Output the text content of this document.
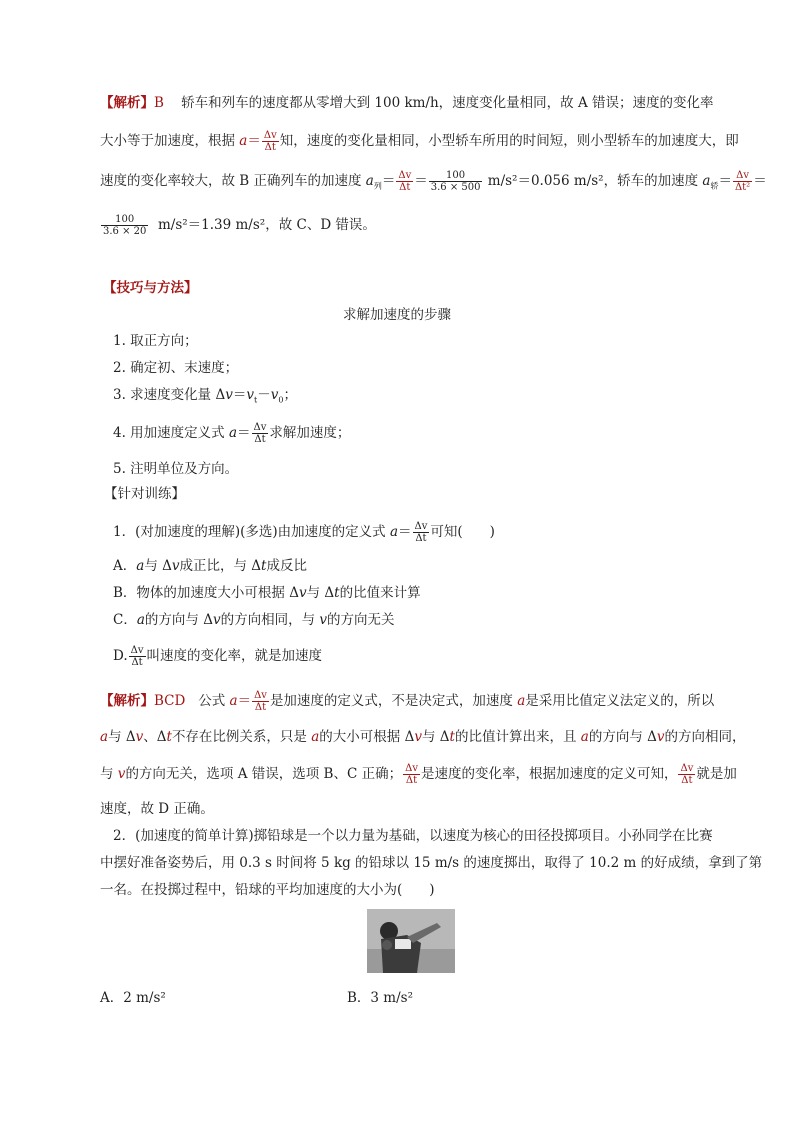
【解析】B 轿车和列车的速度都从零增大到 100 km/h，速度变化量相同，故 A 错误；速度的变化率
大小等于加速度，根据 $a= \frac{\Delta v}{\Delta t}$ 知，速度的变化量相同，小型轿车所用的时间短，则小型轿车的加速度大，即
速度的变化率较大，故 B 正确列车的加速度 $a_列= \frac{\Delta v}{\Delta t} = \frac{100}{3.6 \times 500} m/s^2=0.056$ m/s²，轿车的加速度 $a_轿= \frac{\Delta v}{\text{Δt²}}$ ＝
$\frac{100}{3.6 \times 20} m/s^2=1.39$ m/s²，故 C、D 错误。
【技巧与方法】
求解加速度的步骤
1. 取正方向；
2. 确定初、末速度；
3. 求速度变化量 $\Delta v=v_t-v_0$；
4. 用加速度定义式 $a= \frac{\Delta v}{\Delta t}$ 求解加速度；
5. 注明单位及方向。
【针对训练】
1．(对加速度的理解)(多选)由加速度的定义式 $a= \frac{\Delta v}{\Delta t}$ 可知(　　)
A．a与 Δv成正比，与 Δt成反比
B．物体的加速度大小可根据 Δv与 Δt的比值来计算
C．a的方向与 Δv的方向相同，与 v的方向无关
D. $\frac{\Delta v}{\Delta t}$ 叫速度的变化率，就是加速度
【解析】BCD 公式 $a= \frac{\Delta v}{\Delta t}$ 是加速度的定义式，不是决定式，加速度 a是采用比值定义法定义的，所以
a与 Δv、Δt不存在比例关系，只是 a的大小可根据 Δv与 Δt的比值计算出来，且 a的方向与 Δv的方向相同，
与 v的方向无关，选项 A 错误，选项 B、C 正确； $\frac{\Delta v}{\Delta t}$ 是速度的变化率，根据加速度的定义可知， $\frac{\Delta v}{\Delta t}$ 就是加
速度，故 D 正确。
2．(加速度的简单计算)掷铅球是一个以力量为基础，以速度为核心的田径投掷项目。小孙同学在比赛
中摆好准备姿势后，用 0.3 s 时间将 5 kg 的铅球以 15 m/s 的速度掷出，取得了 10.2 m 的好成绩，拿到了第
一名。在投掷过程中，铅球的平均加速度的大小为(　　)
A．2 m/s²	B．3 m/s²
